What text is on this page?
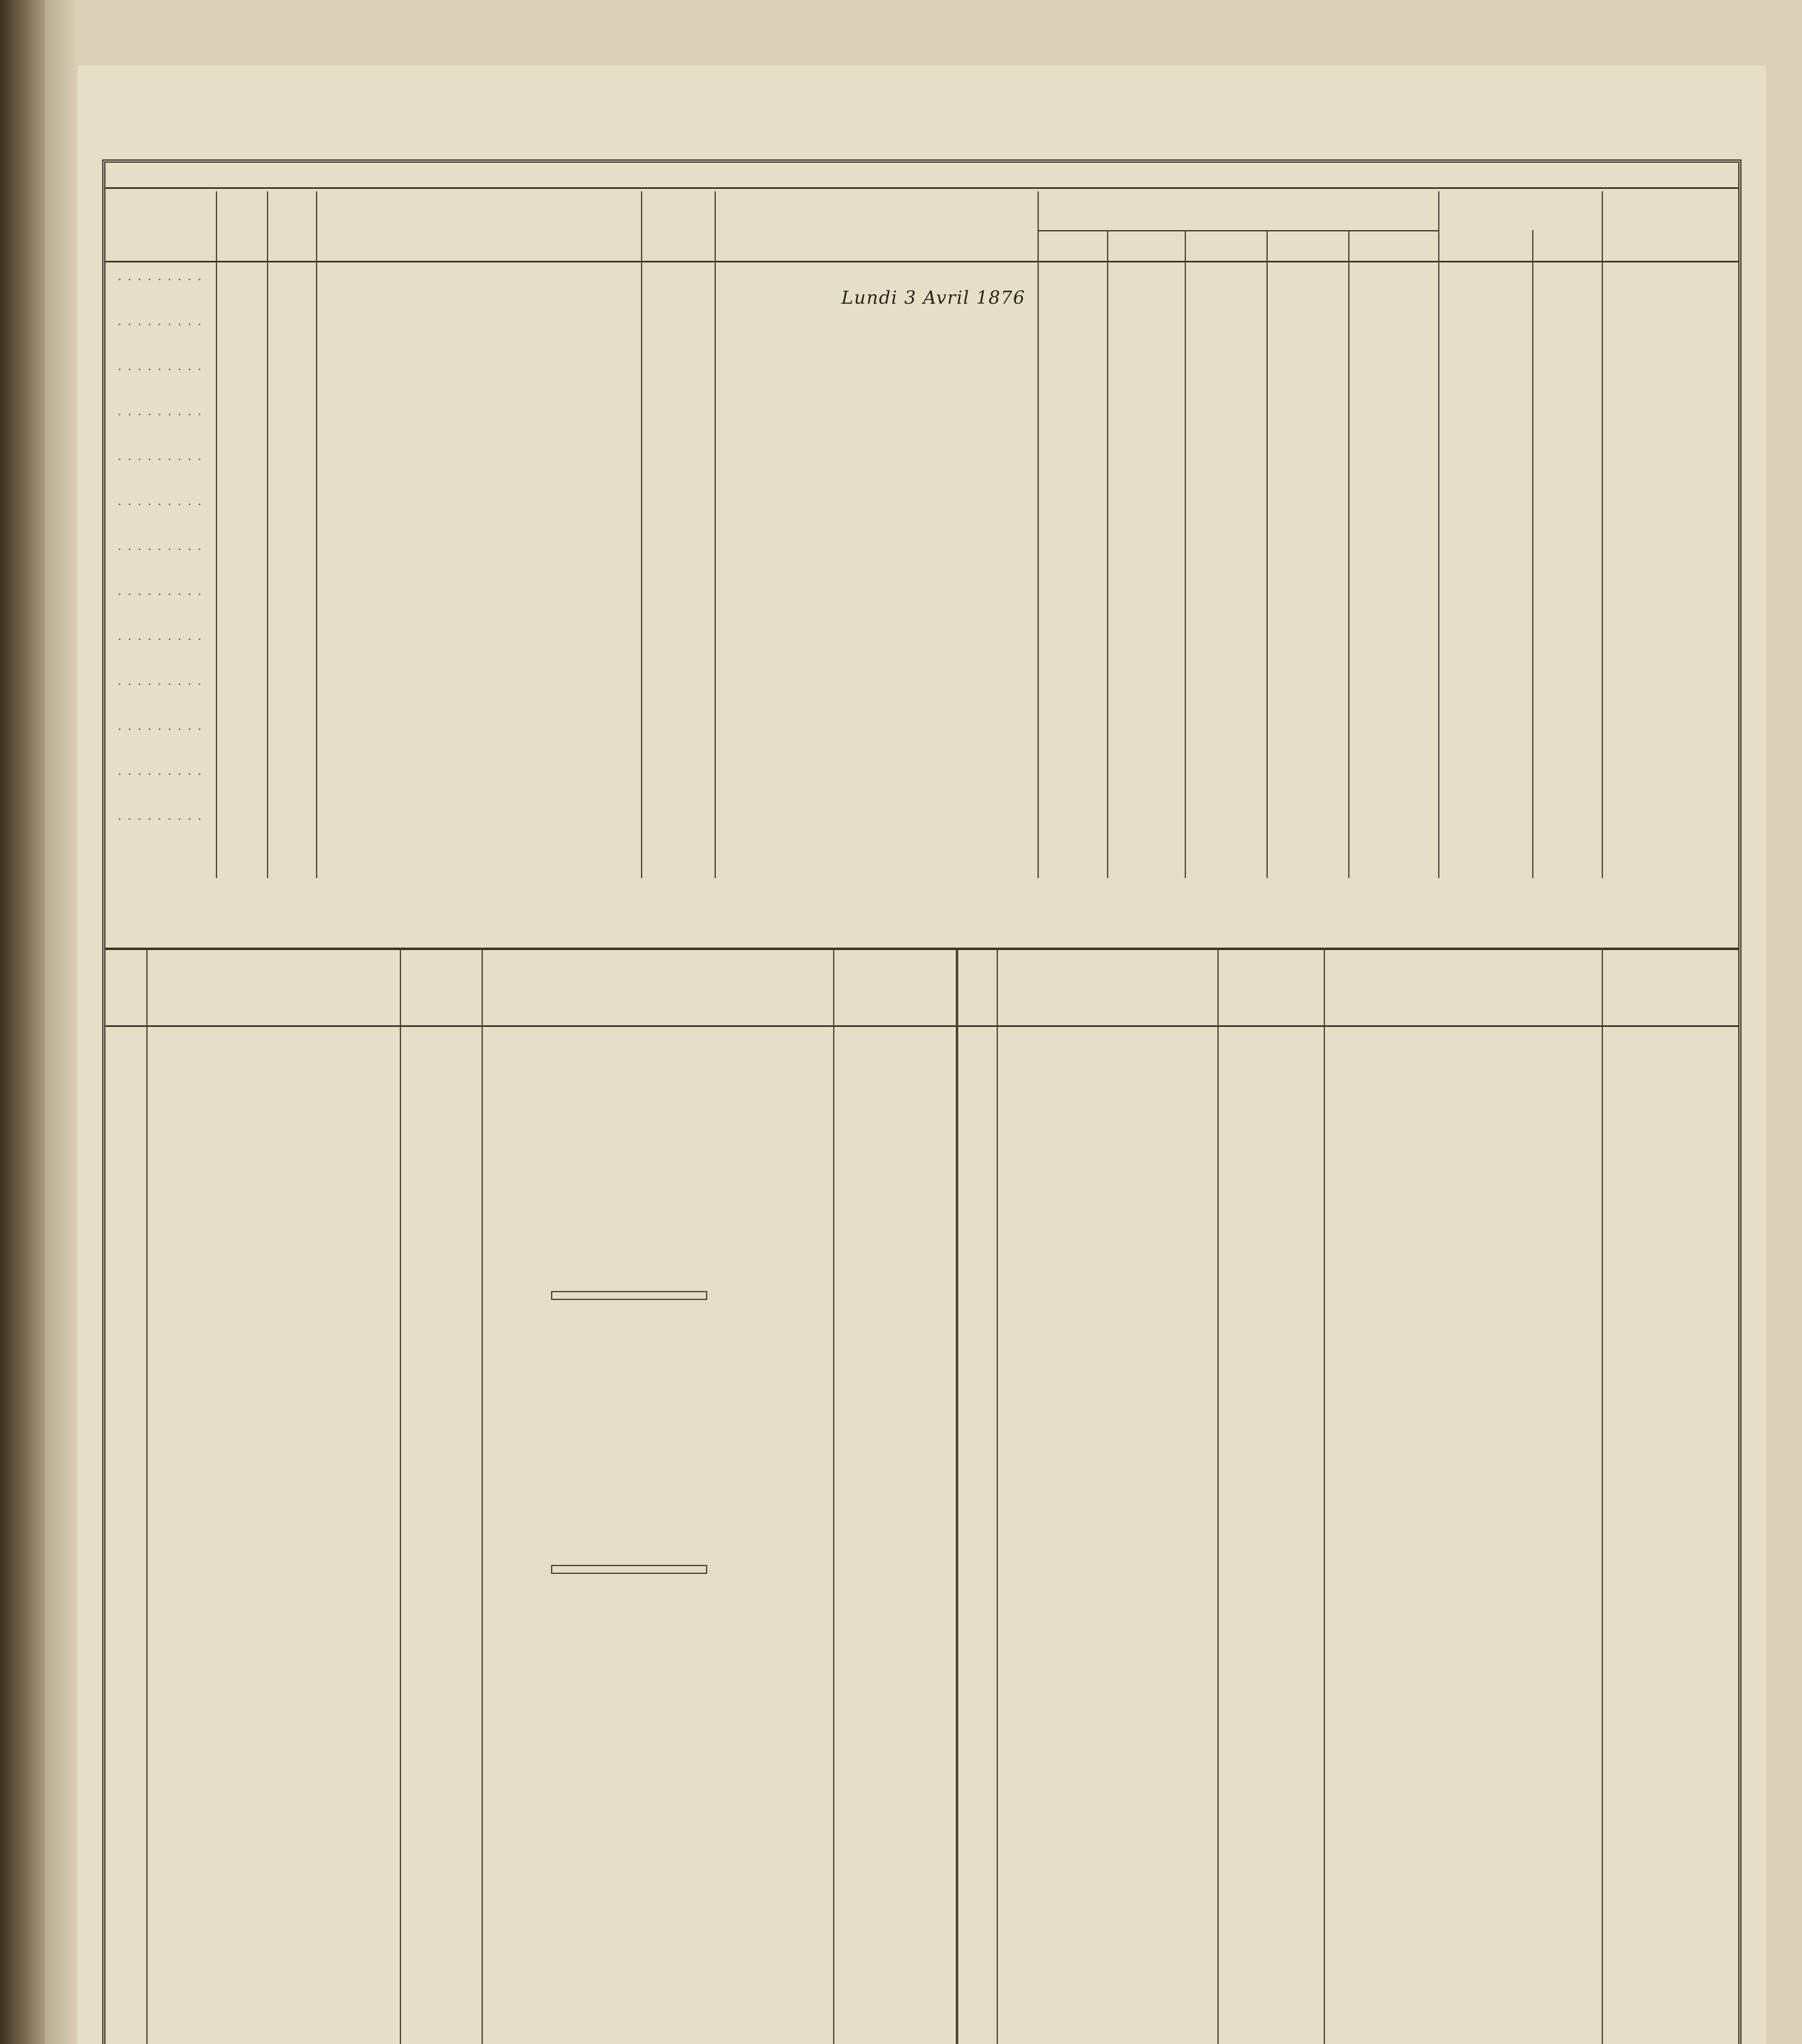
Lundi 3 Avril 1876
. . . . . . . . .
. . . . . . . . .
. . . . . . . . .
. . . . . . . . .
. . . . . . . . .
. . . . . . . . .
. . . . . . . . .
. . . . . . . . .
. . . . . . . . .
. . . . . . . . .
. . . . . . . . .
. . . . . . . . .
. . . . . . . . .
